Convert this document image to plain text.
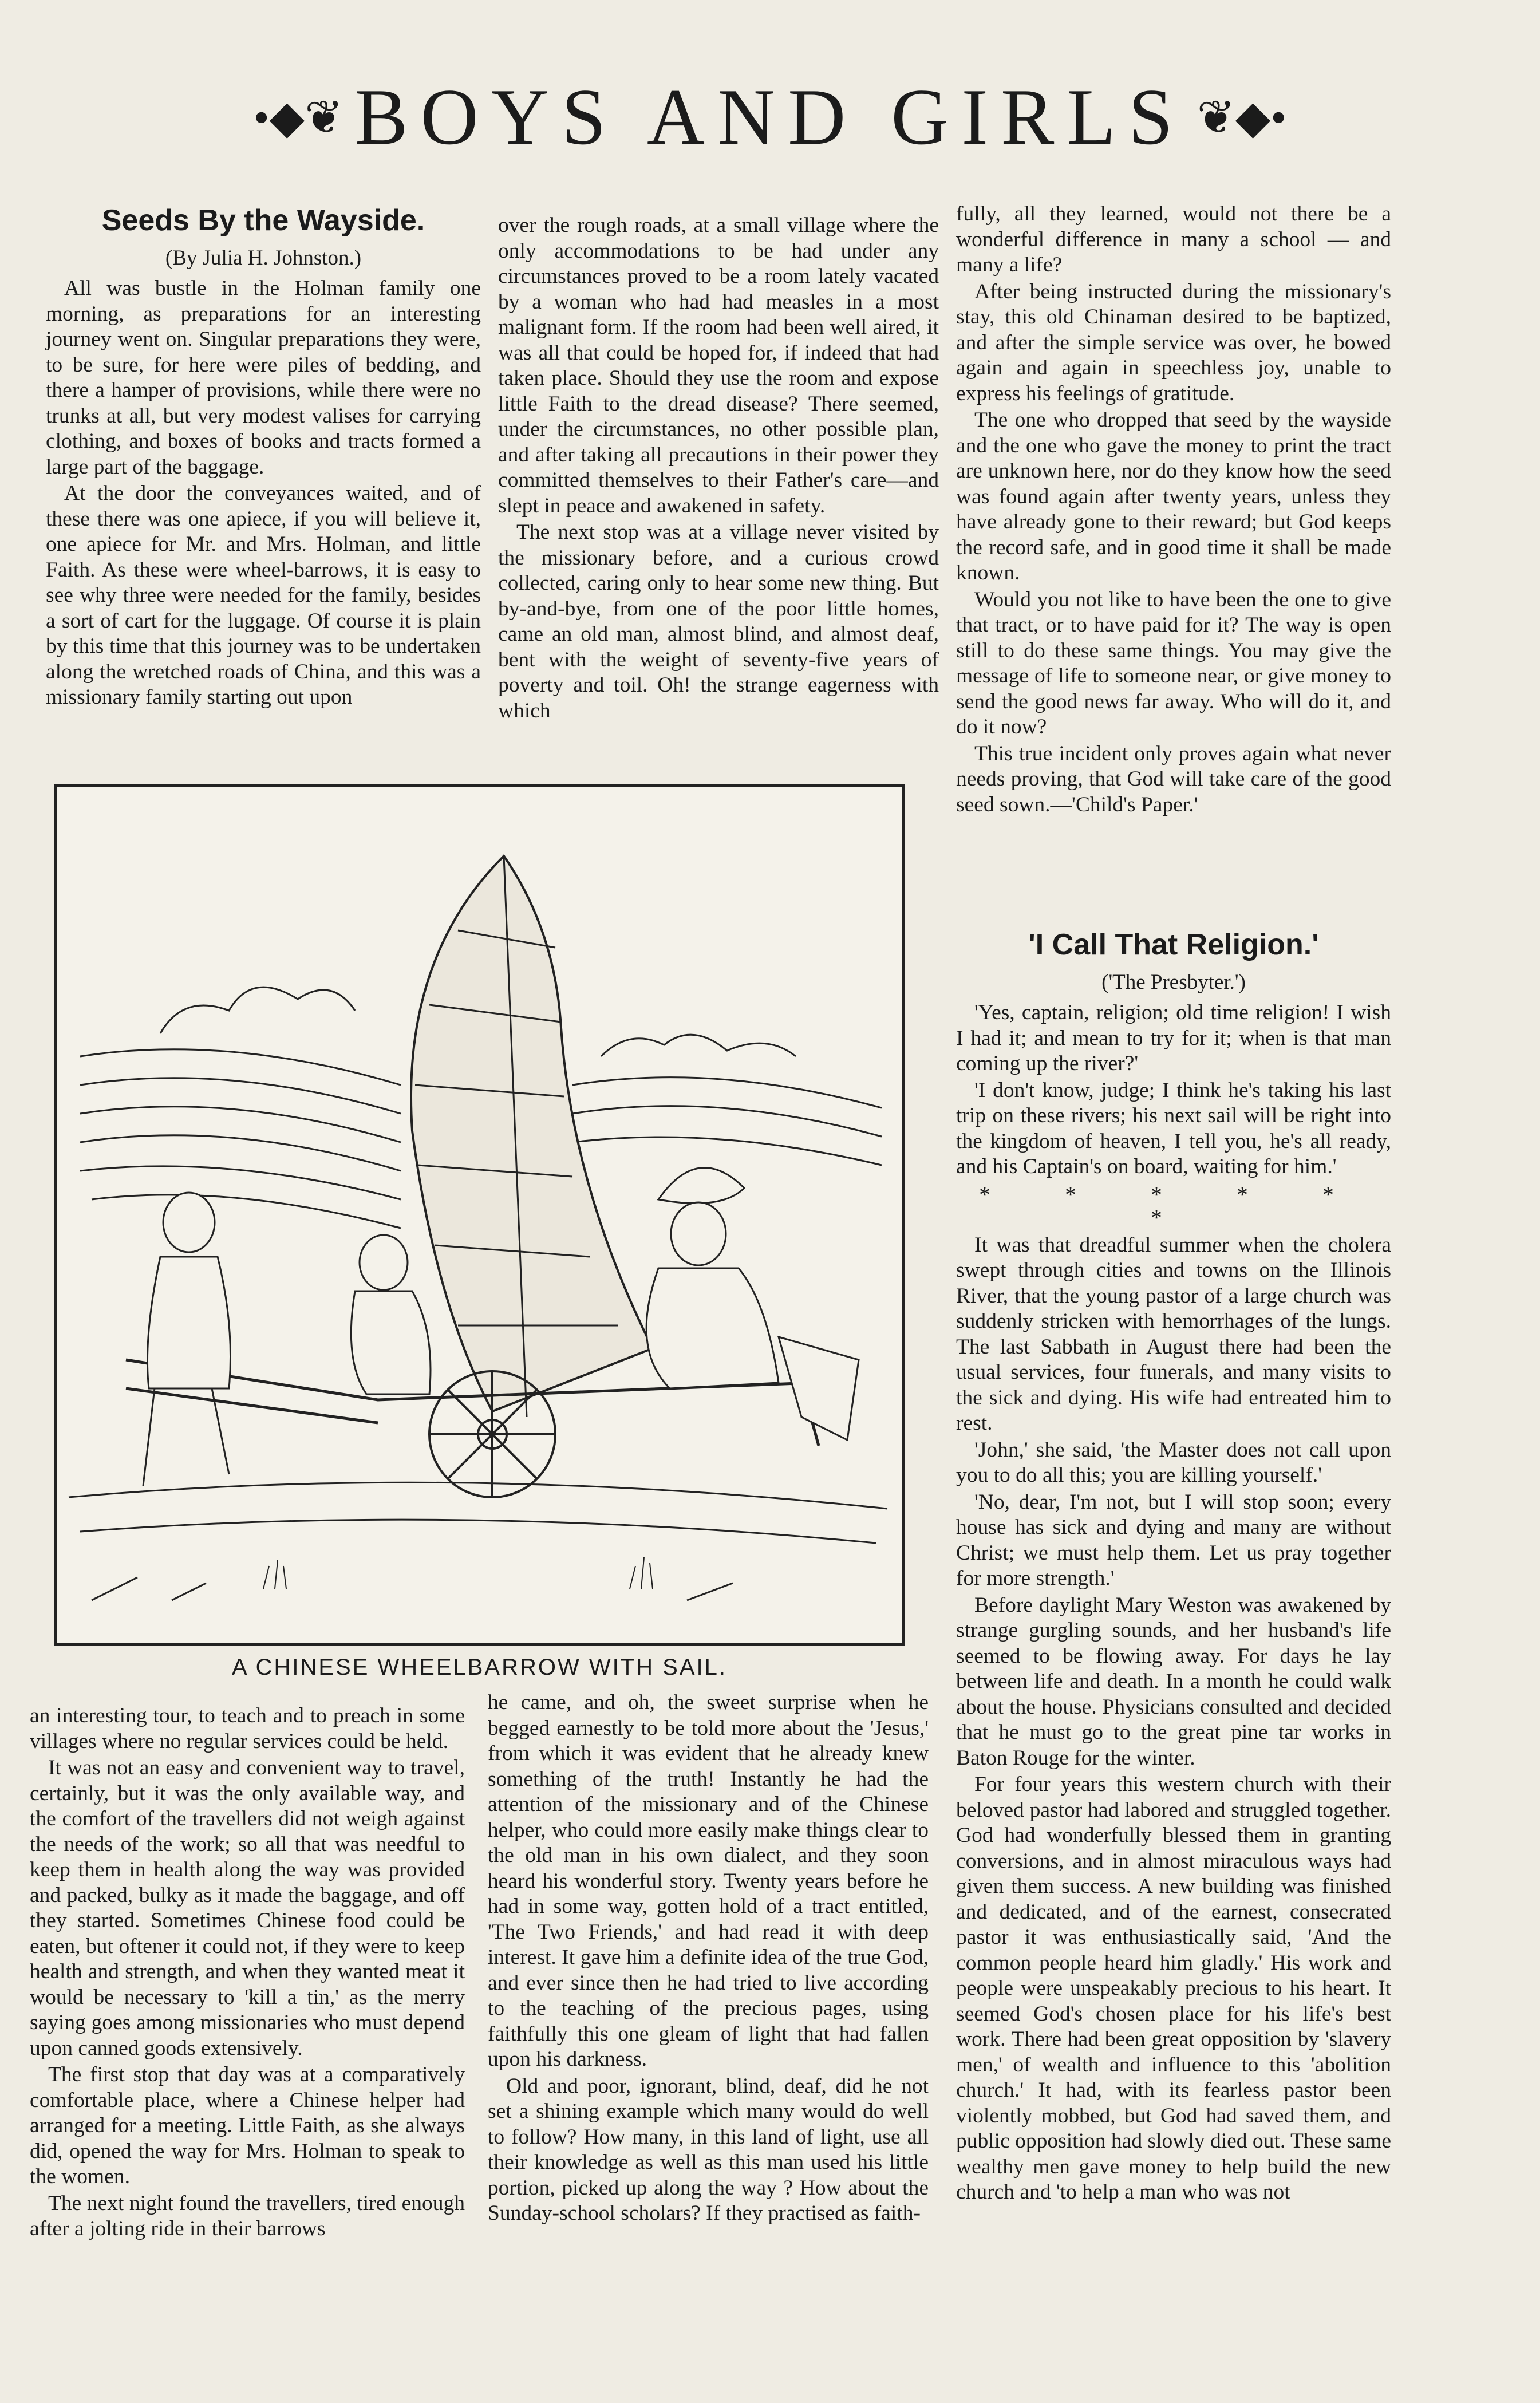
•◆❦ BOYS AND GIRLS ❦◆•
Seeds By the Wayside.
(By Julia H. Johnston.)

All was bustle in the Holman family one morning, as preparations for an interesting journey went on. Singular preparations they were, to be sure, for here were piles of bedding, and there a hamper of provisions, while there were no trunks at all, but very modest valises for carrying clothing, and boxes of books and tracts formed a large part of the baggage.

At the door the conveyances waited, and of these there was one apiece, if you will believe it, one apiece for Mr. and Mrs. Holman, and little Faith. As these were wheel-barrows, it is easy to see why three were needed for the family, besides a sort of cart for the luggage. Of course it is plain by this time that this journey was to be undertaken along the wretched roads of China, and this was a missionary family starting out upon

over the rough roads, at a small village where the only accommodations to be had under any circumstances proved to be a room lately vacated by a woman who had had measles in a most malignant form. If the room had been well aired, it was all that could be hoped for, if indeed that had taken place. Should they use the room and expose little Faith to the dread disease? There seemed, under the circumstances, no other possible plan, and after taking all precautions in their power they committed themselves to their Father's care—and slept in peace and awakened in safety.

The next stop was at a village never visited by the missionary before, and a curious crowd collected, caring only to hear some new thing. But by-and-bye, from one of the poor little homes, came an old man, almost blind, and almost deaf, bent with the weight of seventy-five years of poverty and toil. Oh! the strange eagerness with which

fully, all they learned, would not there be a wonderful difference in many a school — and many a life?

After being instructed during the missionary's stay, this old Chinaman desired to be baptized, and after the simple service was over, he bowed again and again in speechless joy, unable to express his feelings of gratitude.

The one who dropped that seed by the wayside and the one who gave the money to print the tract are unknown here, nor do they know how the seed was found again after twenty years, unless they have already gone to their reward; but God keeps the record safe, and in good time it shall be made known.

Would you not like to have been the one to give that tract, or to have paid for it? The way is open still to do these same things. You may give the message of life to someone near, or give money to send the good news far away. Who will do it, and do it now?

This true incident only proves again what never needs proving, that God will take care of the good seed sown.—'Child's Paper.'

A CHINESE WHEELBARROW WITH SAIL.

an interesting tour, to teach and to preach in some villages where no regular services could be held.

It was not an easy and convenient way to travel, certainly, but it was the only available way, and the comfort of the travellers did not weigh against the needs of the work; so all that was needful to keep them in health along the way was provided and packed, bulky as it made the baggage, and off they started. Sometimes Chinese food could be eaten, but oftener it could not, if they were to keep health and strength, and when they wanted meat it would be necessary to 'kill a tin,' as the merry saying goes among missionaries who must depend upon canned goods extensively.

The first stop that day was at a comparatively comfortable place, where a Chinese helper had arranged for a meeting. Little Faith, as she always did, opened the way for Mrs. Holman to speak to the women.

The next night found the travellers, tired enough after a jolting ride in their barrows

he came, and oh, the sweet surprise when he begged earnestly to be told more about the 'Jesus,' from which it was evident that he already knew something of the truth! Instantly he had the attention of the missionary and of the Chinese helper, who could more easily make things clear to the old man in his own dialect, and they soon heard his wonderful story. Twenty years before he had in some way, gotten hold of a tract entitled, 'The Two Friends,' and had read it with deep interest. It gave him a definite idea of the true God, and ever since then he had tried to live according to the teaching of the precious pages, using faithfully this one gleam of light that had fallen upon his darkness.

Old and poor, ignorant, blind, deaf, did he not set a shining example which many would do well to follow? How many, in this land of light, use all their knowledge as well as this man used his little portion, picked up along the way ? How about the Sunday-school scholars? If they practised as faith-

'I Call That Religion.'
('The Presbyter.')

'Yes, captain, religion; old time religion! I wish I had it; and mean to try for it; when is that man coming up the river?'

'I don't know, judge; I think he's taking his last trip on these rivers; his next sail will be right into the kingdom of heaven, I tell you, he's all ready, and his Captain's on board, waiting for him.'

* * * * * *

It was that dreadful summer when the cholera swept through cities and towns on the Illinois River, that the young pastor of a large church was suddenly stricken with hemorrhages of the lungs. The last Sabbath in August there had been the usual services, four funerals, and many visits to the sick and dying. His wife had entreated him to rest.

'John,' she said, 'the Master does not call upon you to do all this; you are killing yourself.'

'No, dear, I'm not, but I will stop soon; every house has sick and dying and many are without Christ; we must help them. Let us pray together for more strength.'

Before daylight Mary Weston was awakened by strange gurgling sounds, and her husband's life seemed to be flowing away. For days he lay between life and death. In a month he could walk about the house. Physicians consulted and decided that he must go to the great pine tar works in Baton Rouge for the winter.

For four years this western church with their beloved pastor had labored and struggled together. God had wonderfully blessed them in granting conversions, and in almost miraculous ways had given them success. A new building was finished and dedicated, and of the earnest, consecrated pastor it was enthusiastically said, 'And the common people heard him gladly.' His work and people were unspeakably precious to his heart. It seemed God's chosen place for his life's best work. There had been great opposition by 'slavery men,' of wealth and influence to this 'abolition church.' It had, with its fearless pastor been violently mobbed, but God had saved them, and public opposition had slowly died out. These same wealthy men gave money to help build the new church and 'to help a man who was not
